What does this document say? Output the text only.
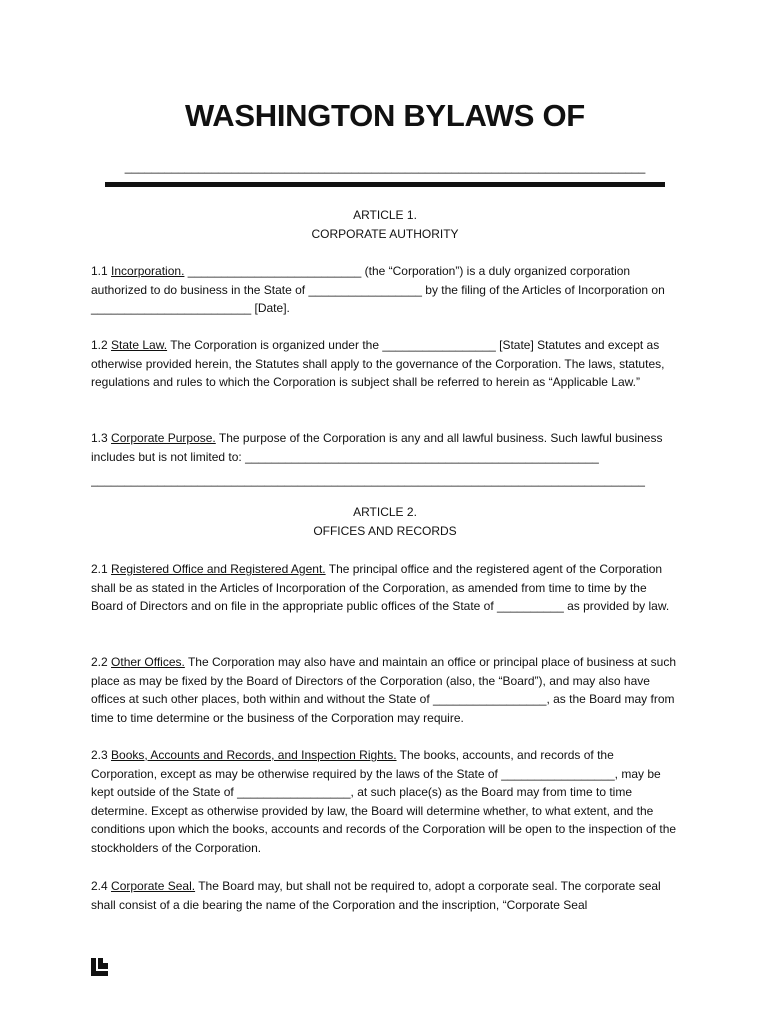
WASHINGTON BYLAWS OF
______________________________________________________________________________
ARTICLE 1.
CORPORATE AUTHORITY
1.1 Incorporation. __________________________ (the “Corporation”) is a duly organized corporation authorized to do business in the State of _________________ by the filing of the Articles of Incorporation on ________________________ [Date].
1.2 State Law. The Corporation is organized under the _________________ [State] Statutes and except as otherwise provided herein, the Statutes shall apply to the governance of the Corporation. The laws, statutes, regulations and rules to which the Corporation is subject shall be referred to herein as “Applicable Law.”
1.3 Corporate Purpose. The purpose of the Corporation is any and all lawful business. Such lawful business includes but is not limited to: _____________________________________________________
___________________________________________________________________________________
ARTICLE 2.
OFFICES AND RECORDS
2.1 Registered Office and Registered Agent. The principal office and the registered agent of the Corporation shall be as stated in the Articles of Incorporation of the Corporation, as amended from time to time by the Board of Directors and on file in the appropriate public offices of the State of __________ as provided by law.
2.2 Other Offices. The Corporation may also have and maintain an office or principal place of business at such place as may be fixed by the Board of Directors of the Corporation (also, the “Board”), and may also have offices at such other places, both within and without the State of _________________, as the Board may from time to time determine or the business of the Corporation may require.
2.3 Books, Accounts and Records, and Inspection Rights. The books, accounts, and records of the Corporation, except as may be otherwise required by the laws of the State of _________________, may be kept outside of the State of _________________, at such place(s) as the Board may from time to time determine. Except as otherwise provided by law, the Board will determine whether, to what extent, and the conditions upon which the books, accounts and records of the Corporation will be open to the inspection of the stockholders of the Corporation.
2.4 Corporate Seal. The Board may, but shall not be required to, adopt a corporate seal. The corporate seal shall consist of a die bearing the name of the Corporation and the inscription, “Corporate Seal
